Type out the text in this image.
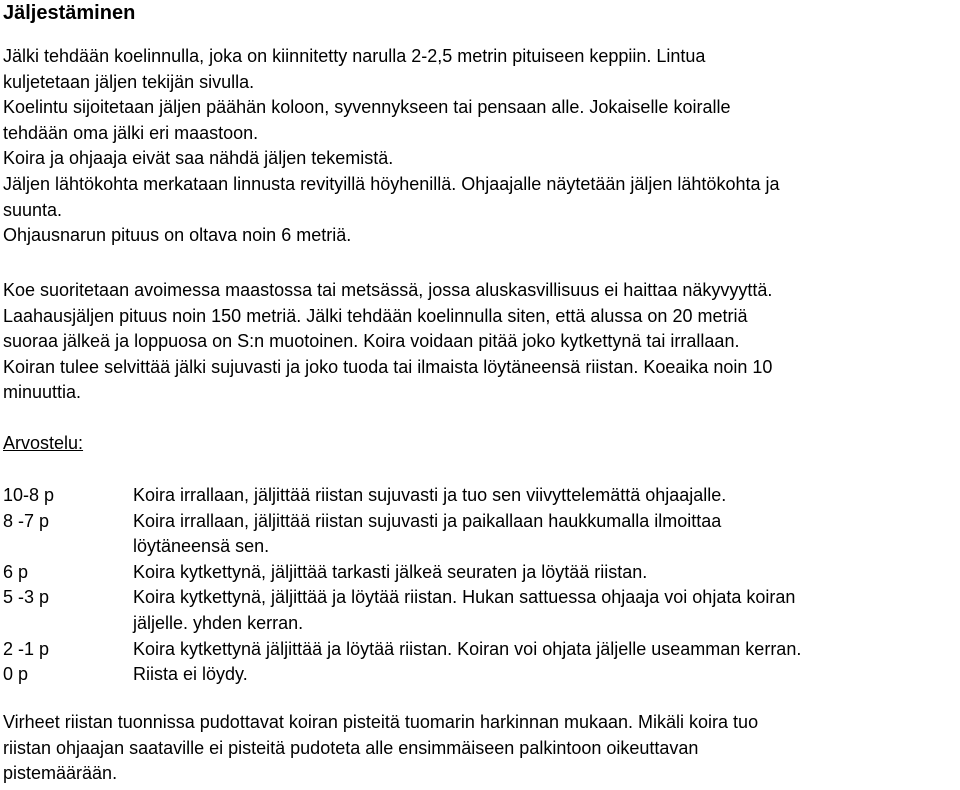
Jäljestäminen
Jälki tehdään koelinnulla, joka on kiinnitetty narulla 2-2,5 metrin pituiseen keppiin. Lintua
kuljetetaan jäljen tekijän sivulla.
Koelintu sijoitetaan jäljen päähän koloon, syvennykseen tai pensaan alle. Jokaiselle koiralle
tehdään oma jälki eri maastoon.
Koira ja ohjaaja eivät saa nähdä jäljen tekemistä.
Jäljen lähtökohta merkataan linnusta revityillä höyhenillä. Ohjaajalle näytetään jäljen lähtökohta ja
suunta.
Ohjausnarun pituus on oltava noin 6 metriä.
Koe suoritetaan avoimessa maastossa tai metsässä, jossa aluskasvillisuus ei haittaa näkyvyyttä.
Laahausjäljen pituus noin 150 metriä. Jälki tehdään koelinnulla siten, että alussa on 20 metriä
suoraa jälkeä ja loppuosa on S:n muotoinen. Koira voidaan pitää joko kytkettynä tai irrallaan.
Koiran tulee selvittää jälki sujuvasti ja joko tuoda tai ilmaista löytäneensä riistan. Koeaika noin 10
minuuttia.
Arvostelu:
10-8 p	Koira irrallaan, jäljittää riistan sujuvasti ja tuo sen viivyttelemättä ohjaajalle.
8 -7 p	Koira irrallaan, jäljittää riistan sujuvasti ja paikallaan haukkumalla ilmoittaa
löytäneensä sen.
6 p	Koira kytkettynä, jäljittää tarkasti jälkeä seuraten ja löytää riistan.
5 -3 p	Koira kytkettynä, jäljittää ja löytää riistan. Hukan sattuessa ohjaaja voi ohjata koiran
jäljelle. yhden kerran.
2 -1 p	Koira kytkettynä jäljittää ja löytää riistan. Koiran voi ohjata jäljelle useamman kerran.
0 p	Riista ei löydy.
Virheet riistan tuonnissa pudottavat koiran pisteitä tuomarin harkinnan mukaan. Mikäli koira tuo
riistan ohjaajan saataville ei pisteitä pudoteta alle ensimmäiseen palkintoon oikeuttavan
pistemäärään.
